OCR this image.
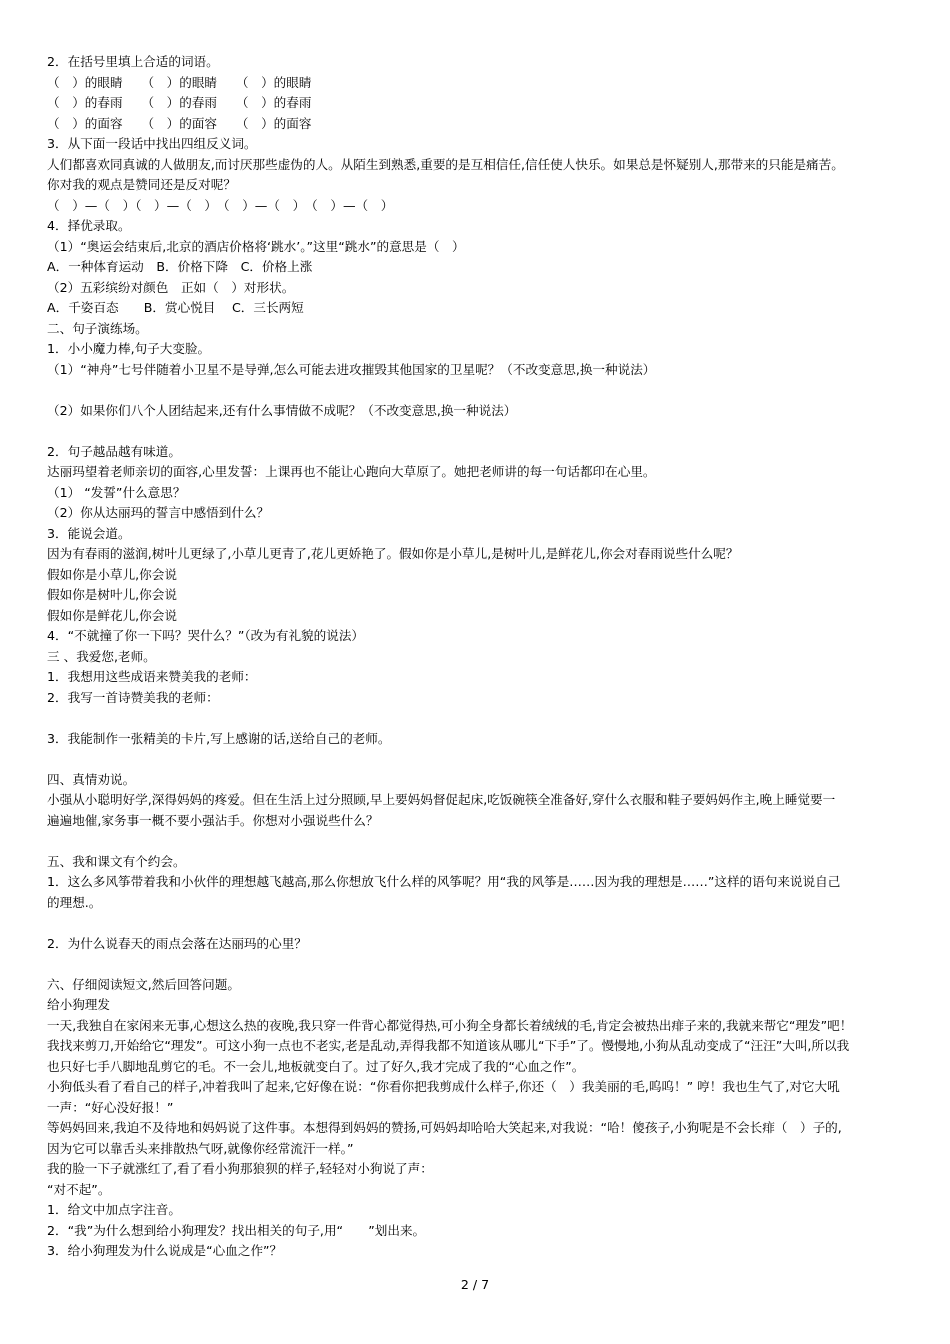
2．在括号里填上合适的词语。
（　）的眼睛　　（　）的眼睛　　（　）的眼睛
（　）的春雨　　（　）的春雨　　（　）的春雨
（　）的面容　　（　）的面容　　（　）的面容
3．从下面一段话中找出四组反义词。
人们都喜欢同真诚的人做朋友,而讨厌那些虚伪的人。从陌生到熟悉,重要的是互相信任,信任使人快乐。如果总是怀疑别人,那带来的只能是痛苦。
你对我的观点是赞同还是反对呢？
（　）—（　）（　）—（　）　（　）—（　）　（　）—（　）
4．择优录取。
（1）“奥运会结束后,北京的酒店价格将‘跳水’。”这里“跳水”的意思是（　）
A．一种体育运动　B．价格下降　C．价格上涨
（2）五彩缤纷对颜色　正如（　）对形状。
A．千姿百态　　B．赏心悦目　 C．三长两短
二、句子演练场。
1．小小魔力棒,句子大变脸。
（1）“神舟”七号伴随着小卫星不是导弹,怎么可能去进攻摧毁其他国家的卫星呢？（不改变意思,换一种说法）
（2）如果你们八个人团结起来,还有什么事情做不成呢？（不改变意思,换一种说法）
2．句子越品越有味道。
达丽玛望着老师亲切的面容,心里发誓：上课再也不能让心跑向大草原了。她把老师讲的每一句话都印在心里。
（1） “发誓”什么意思？
（2）你从达丽玛的誓言中感悟到什么？
3．能说会道。
因为有春雨的滋润,树叶儿更绿了,小草儿更青了,花儿更娇艳了。假如你是小草儿,是树叶儿,是鲜花儿,你会对春雨说些什么呢？
假如你是小草儿,你会说
假如你是树叶儿,你会说
假如你是鲜花儿,你会说
4．“不就撞了你一下吗？哭什么？”（改为有礼貌的说法）
三 、我爱您,老师。
1．我想用这些成语来赞美我的老师：
2．我写一首诗赞美我的老师：
3．我能制作一张精美的卡片,写上感谢的话,送给自己的老师。
四、真情劝说。
小强从小聪明好学,深得妈妈的疼爱。但在生活上过分照顾,早上要妈妈督促起床,吃饭碗筷全准备好,穿什么衣服和鞋子要妈妈作主,晚上睡觉要一
遍遍地催,家务事一概不要小强沾手。你想对小强说些什么？
五、我和课文有个约会。
1．这么多风筝带着我和小伙伴的理想越飞越高,那么你想放飞什么样的风筝呢？用“我的风筝是……因为我的理想是……”这样的语句来说说自己
的理想.。
2．为什么说春天的雨点会落在达丽玛的心里？
六、仔细阅读短文,然后回答问题。
给小狗理发
一天,我独自在家闲来无事,心想这么热的夜晚,我只穿一件背心都觉得热,可小狗全身都长着绒绒的毛,肯定会被热出痱子来的,我就来帮它“理发”吧！
我找来剪刀,开始给它“理发”。可这小狗一点也不老实,老是乱动,弄得我都不知道该从哪儿“下手”了。慢慢地,小狗从乱动变成了“汪汪”大叫,所以我
也只好七手八脚地乱剪它的毛。不一会儿,地板就变白了。过了好久,我才完成了我的“心血之作”。
小狗低头看了看自己的样子,冲着我叫了起来,它好像在说：“你看你把我剪成什么样子,你还（　）我美丽的毛,呜呜！” 哼！我也生气了,对它大吼
一声：“好心没好报！”
等妈妈回来,我迫不及待地和妈妈说了这件事。本想得到妈妈的赞扬,可妈妈却哈哈大笑起来,对我说：“哈！傻孩子,小狗呢是不会长痱（　）子的,
因为它可以靠舌头来排散热气呀,就像你经常流汗一样。”
我的脸一下子就涨红了,看了看小狗那狼狈的样子,轻轻对小狗说了声：
“对不起”。
1．给文中加点字注音。
2．“我”为什么想到给小狗理发？找出相关的句子,用“　　”划出来。
3．给小狗理发为什么说成是“心血之作”？
2 / 7
